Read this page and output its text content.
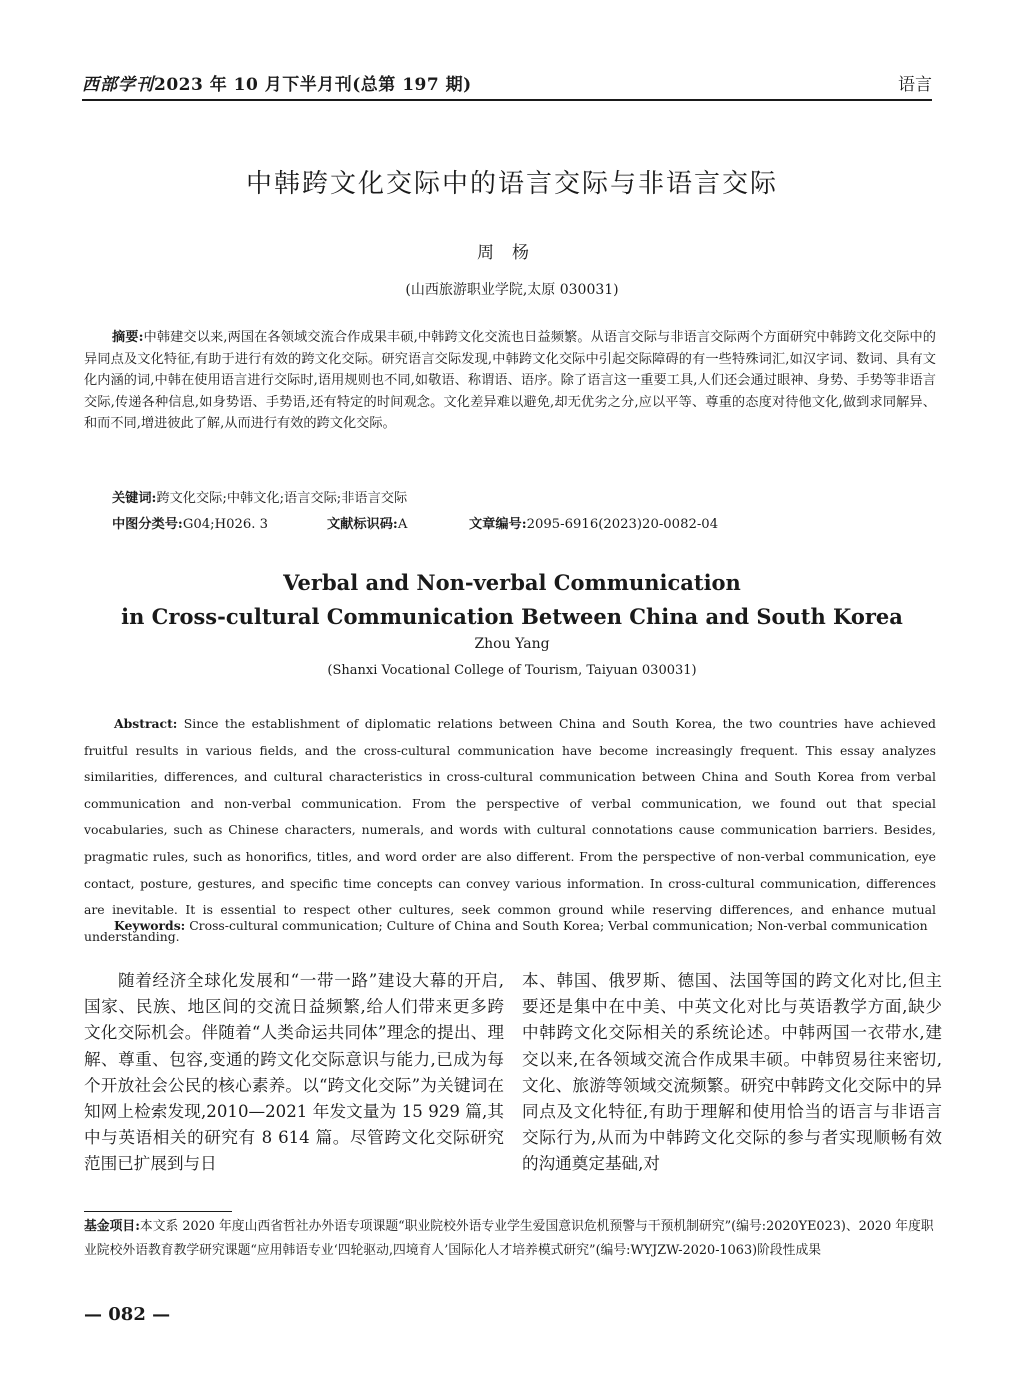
西部学刊2023 年 10 月下半月刊(总第 197 期)	语言
中韩跨文化交际中的语言交际与非语言交际
周杨
(山西旅游职业学院,太原 030031)
摘要:中韩建交以来,两国在各领域交流合作成果丰硕,中韩跨文化交流也日益频繁。从语言交际与非语言交际两个方面研究中韩跨文化交际中的异同点及文化特征,有助于进行有效的跨文化交际。研究语言交际发现,中韩跨文化交际中引起交际障碍的有一些特殊词汇,如汉字词、数词、具有文化内涵的词,中韩在使用语言进行交际时,语用规则也不同,如敬语、称谓语、语序。除了语言这一重要工具,人们还会通过眼神、身势、手势等非语言交际,传递各种信息,如身势语、手势语,还有特定的时间观念。文化差异难以避免,却无优劣之分,应以平等、尊重的态度对待他文化,做到求同解异、和而不同,增进彼此了解,从而进行有效的跨文化交际。
关键词:跨文化交际;中韩文化;语言交际;非语言交际
中图分类号:G04;H026. 3	文献标识码:A	文章编号:2095-6916(2023)20-0082-04
Verbal and Non-verbal Communication
in Cross-cultural Communication Between China and South Korea
Zhou Yang
(Shanxi Vocational College of Tourism, Taiyuan 030031)
Abstract: Since the establishment of diplomatic relations between China and South Korea, the two countries have achieved fruitful results in various fields, and the cross-cultural communication have become increasingly frequent. This essay analyzes similarities, differences, and cultural characteristics in cross-cultural communication between China and South Korea from verbal communication and non-verbal communication. From the perspective of verbal communication, we found out that special vocabularies, such as Chinese characters, numerals, and words with cultural connotations cause communication barriers. Besides, pragmatic rules, such as honorifics, titles, and word order are also different. From the perspective of non-verbal communication, eye contact, posture, gestures, and specific time concepts can convey various information. In cross-cultural communication, differences are inevitable. It is essential to respect other cultures, seek common ground while reserving differences, and enhance mutual understanding.
Keywords: Cross-cultural communication; Culture of China and South Korea; Verbal communication; Non-verbal communication
随着经济全球化发展和“一带一路”建设大幕的开启,国家、民族、地区间的交流日益频繁,给人们带来更多跨文化交际机会。伴随着“人类命运共同体”理念的提出、理解、尊重、包容,变通的跨文化交际意识与能力,已成为每个开放社会公民的核心素养。以“跨文化交际”为关键词在知网上检索发现,2010—2021 年发文量为 15 929 篇,其中与英语相关的研究有 8 614 篇。尽管跨文化交际研究范围已扩展到与日
本、韩国、俄罗斯、德国、法国等国的跨文化对比,但主要还是集中在中美、中英文化对比与英语教学方面,缺少中韩跨文化交际相关的系统论述。中韩两国一衣带水,建交以来,在各领域交流合作成果丰硕。中韩贸易往来密切,文化、旅游等领域交流频繁。研究中韩跨文化交际中的异同点及文化特征,有助于理解和使用恰当的语言与非语言交际行为,从而为中韩跨文化交际的参与者实现顺畅有效的沟通奠定基础,对
基金项目:本文系 2020 年度山西省哲社办外语专项课题“职业院校外语专业学生爱国意识危机预警与干预机制研究”(编号:2020YE023)、2020 年度职业院校外语教育教学研究课题“应用韩语专业‘四轮驱动,四境育人’国际化人才培养模式研究”(编号:WYJZW-2020-1063)阶段性成果
— 082 —
